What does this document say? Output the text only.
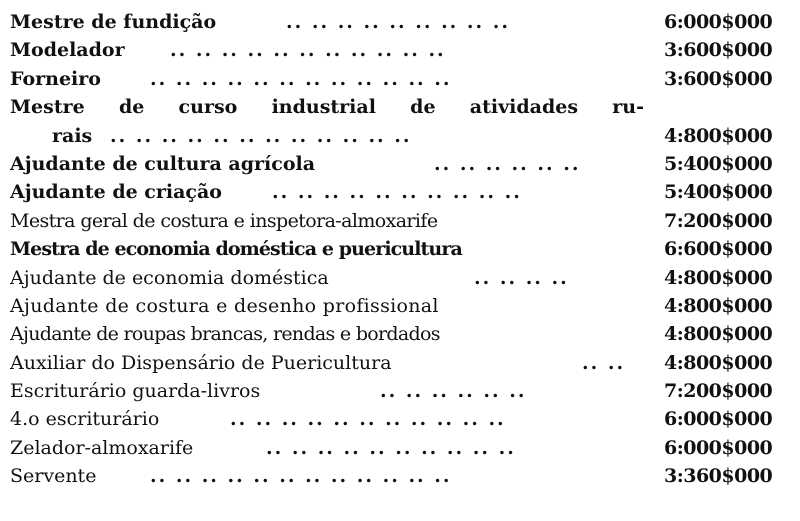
Mestre de fundição	.. .. .. .. .. .. .. .. ..	6:000$000
Modelador .. .. .. .. .. .. .. .. .. .. ..	3:600$000
Forneiro	.. .. .. .. .. .. .. .. .. .. .. ..	3:600$000
Mestre de curso industrial de atividades ru-
rais .. .. .. .. .. .. .. .. .. .. .. ..	4:800$000
Ajudante de cultura agrícola	.. .. .. .. .. ..	5:400$000
Ajudante de criação	.. .. .. .. .. .. .. .. .. ..	5:400$000
Mestra geral de costura e inspetora-almoxarife	7:200$000
Mestra de economia doméstica e puericultura	6:600$000
Ajudante de economia doméstica	.. .. .. ..	4:800$000
Ajudante de costura e desenho profissional	4:800$000
Ajudante de roupas brancas, rendas e bordados	4:800$000
Auxiliar do Dispensário de Puericultura	.. .. 4:800$000
Escriturário guarda-livros	.. .. .. .. .. ..	7:200$000
4.o escriturário	.. .. .. .. .. .. .. .. .. .. ..	6:000$000
Zelador-almoxarife	.. .. .. .. .. .. .. .. .. ..	6:000$000
Servente	.. .. .. .. .. .. .. .. .. .. .. ..	3:360$000
